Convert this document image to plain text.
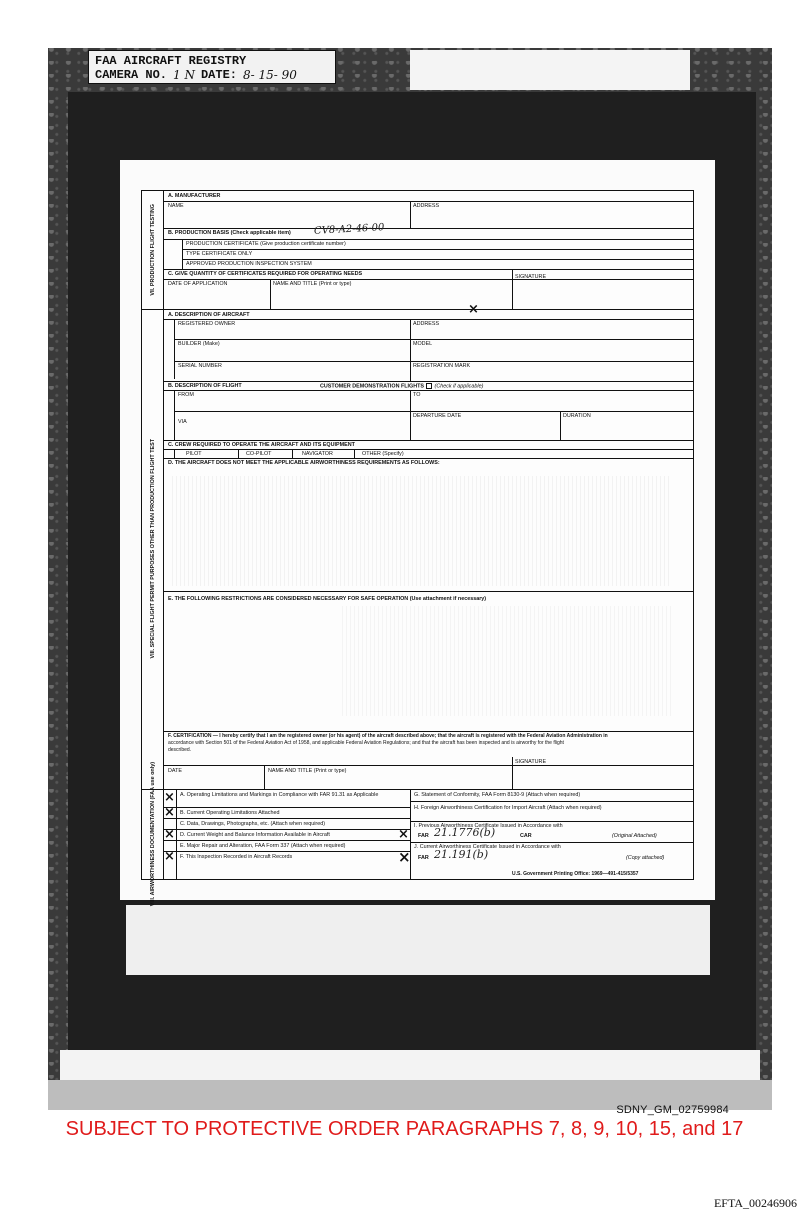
FAA AIRCRAFT REGISTRY
CAMERA NO. 1 N DATE: 8- 15- 90
VII. PRODUCTION FLIGHT TESTING
A. MANUFACTURER
NAME	ADDRESS
B. PRODUCTION BASIS (Check applicable item) CV8-A2-46-00
PRODUCTION CERTIFICATE (Give production certificate number)
TYPE CERTIFICATE ONLY
APPROVED PRODUCTION INSPECTION SYSTEM
C. GIVE QUANTITY OF CERTIFICATES REQUIRED FOR OPERATING NEEDS
DATE OF APPLICATION	NAME AND TITLE (Print or type)
SIGNATURE
VIII. SPECIAL FLIGHT PERMIT PURPOSES OTHER THAN PRODUCTION FLIGHT TEST
A. DESCRIPTION OF AIRCRAFT	×
REGISTERED OWNER	ADDRESS
BUILDER (Make)	MODEL
SERIAL NUMBER	REGISTRATION MARK
B. DESCRIPTION OF FLIGHT	CUSTOMER DEMONSTRATION FLIGHTS (Check if applicable)
FROM	TO
VIA
DEPARTURE DATE	DURATION
C. CREW REQUIRED TO OPERATE THE AIRCRAFT AND ITS EQUIPMENT
PILOT	CO-PILOT	NAVIGATOR	OTHER (Specify)
D. THE AIRCRAFT DOES NOT MEET THE APPLICABLE AIRWORTHINESS REQUIREMENTS AS FOLLOWS:
E. THE FOLLOWING RESTRICTIONS ARE CONSIDERED NECESSARY FOR SAFE OPERATION (Use attachment if necessary)
F. CERTIFICATION — I hereby certify that I am the registered owner (or his agent) of the aircraft described above; that the aircraft is registered with the Federal Aviation Administration in
accordance with Section 501 of the Federal Aviation Act of 1958, and applicable Federal Aviation Regulations; and that the aircraft has been inspected and is airworthy for the flight
described.
DATE	NAME AND TITLE (Print or type)
SIGNATURE
VIII. AIRWORTHINESS DOCUMENTATION (FAA use only) × A. Operating Limitations and Markings in Compliance with FAR 91.31 as Applicable
× B. Current Operating Limitations Attached
C. Data, Drawings, Photographs, etc. (Attach when required)
× D. Current Weight and Balance Information Available in Aircraft
E. Major Repair and Alteration, FAA Form 337 (Attach when required)
× F. This Inspection Recorded in Aircraft Records
G. Statement of Conformity, FAA Form 8130-9 (Attach when required)
H. Foreign Airworthiness Certification for Import Aircraft (Attach when required)
×
I. Previous Airworthiness Certificate Issued in Accordance with
FAR 21.1776(b)	CAR	(Original Attached)
×
J. Current Airworthiness Certificate Issued in Accordance with
FAR 21.191(b)	(Copy attached)
U.S. Government Printing Office: 1969—491-415/5357
SDNY_GM_02759984
SUBJECT TO PROTECTIVE ORDER PARAGRAPHS 7, 8, 9, 10, 15, and 17
EFTA_00246906
